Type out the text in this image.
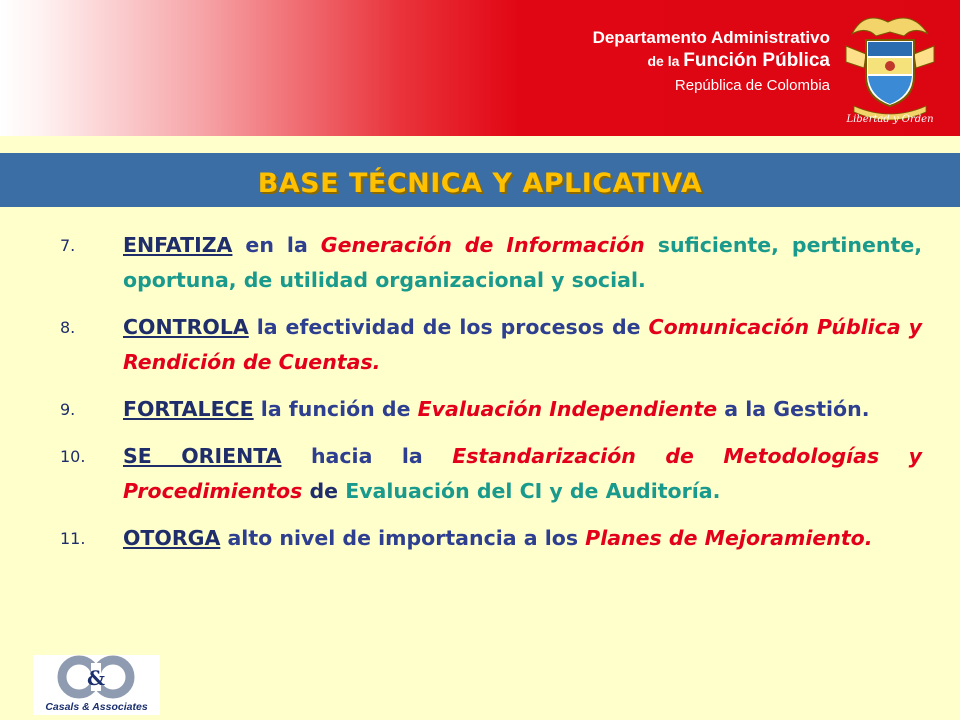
Departamento Administrativo
de la Función Pública
República de Colombia
Libertad y Orden
BASE TÉCNICA Y APLICATIVA
7. ENFATIZA en la Generación de Información suficiente, pertinente, oportuna, de utilidad organizacional y social.
8. CONTROLA la efectividad de los procesos de Comunicación Pública y Rendición de Cuentas.
9. FORTALECE la función de Evaluación Independiente a la Gestión.
10. SE ORIENTA hacia la Estandarización de Metodologías y Procedimientos de Evaluación del CI y de Auditoría.
11. OTORGA alto nivel de importancia a los Planes de Mejoramiento.
&
Casals & Associates
